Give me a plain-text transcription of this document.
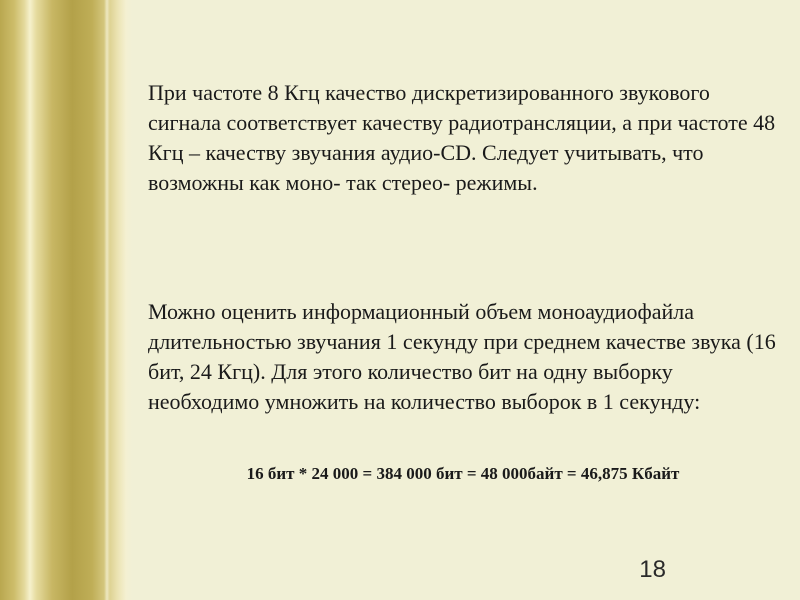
При частоте 8 Кгц качество дискретизированного звукового сигнала соответствует качеству радиотрансляции, а при частоте 48 Кгц – качеству звучания аудио-CD. Следует учитывать, что возможны как моно- так стерео- режимы.

Можно оценить информационный объем моноаудиофайла длительностью звучания 1 секунду при среднем качестве звука (16 бит, 24 Кгц). Для этого количество бит на одну выборку необходимо умножить на количество выборок в 1 секунду:

16 бит * 24 000 = 384 000 бит = 48 000байт = 46,875 Кбайт

18
